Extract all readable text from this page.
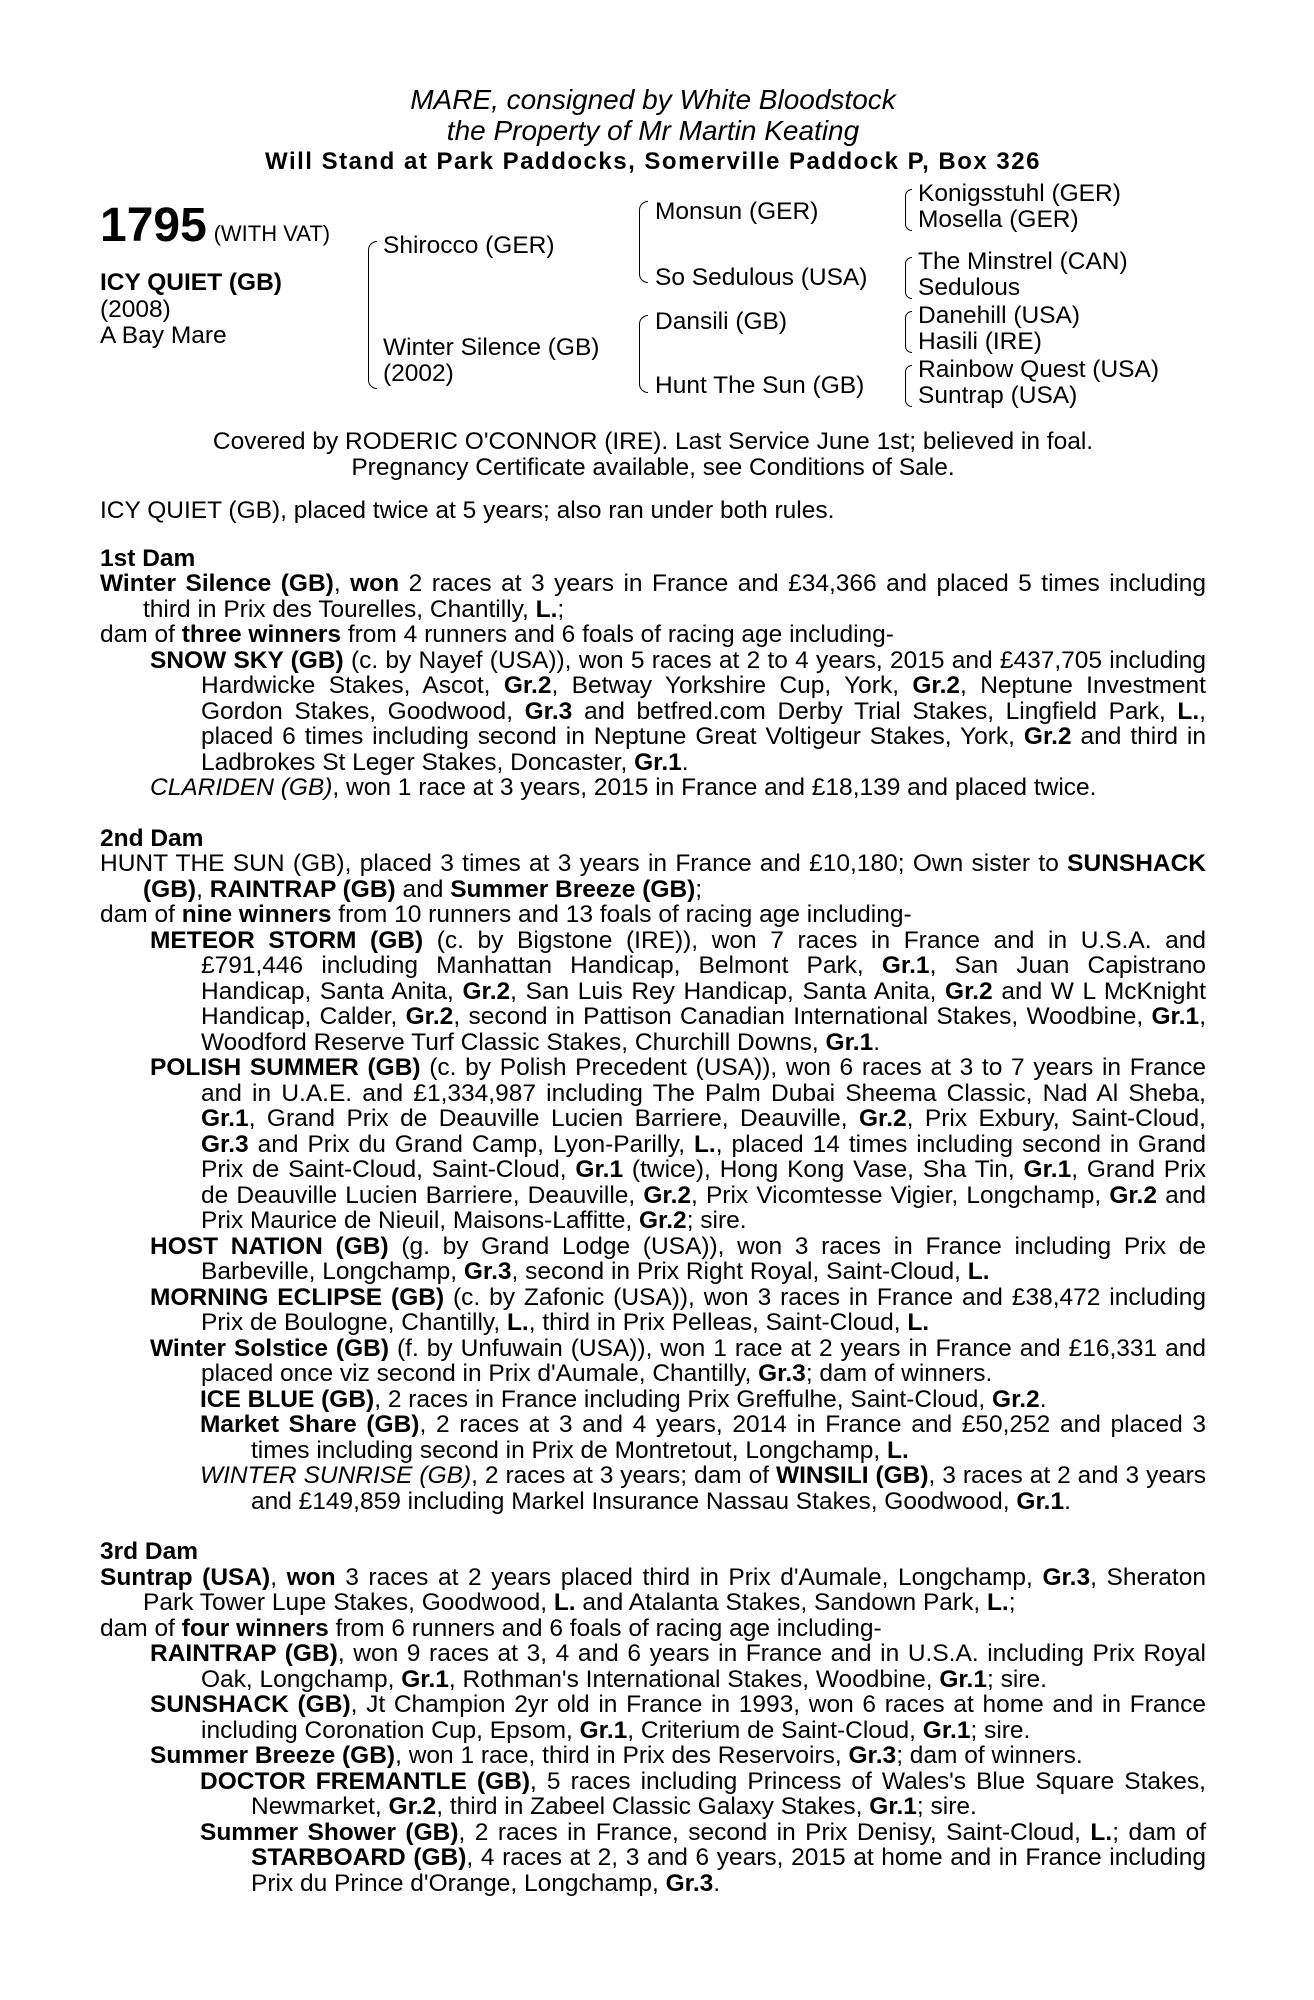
MARE, consigned by White Bloodstock
the Property of Mr Martin Keating
Will Stand at Park Paddocks, Somerville Paddock P, Box 326
1795 (WITH VAT)
ICY QUIET (GB)
(2008)
A Bay Mare
Shirocco (GER)
Winter Silence (GB)
(2002)
Monsun (GER)
So Sedulous (USA)
Dansili (GB)
Hunt The Sun (GB)
Konigsstuhl (GER)
Mosella (GER)
The Minstrel (CAN)
Sedulous
Danehill (USA)
Hasili (IRE)
Rainbow Quest (USA)
Suntrap (USA)
Covered by RODERIC O'CONNOR (IRE). Last Service June 1st; believed in foal.
Pregnancy Certificate available, see Conditions of Sale.
ICY QUIET (GB), placed twice at 5 years; also ran under both rules.
1st Dam

Winter Silence (GB), won 2 races at 3 years in France and £34,366 and placed 5 times including third in Prix des Tourelles, Chantilly, L.;

dam of three winners from 4 runners and 6 foals of racing age including-

SNOW SKY (GB) (c. by Nayef (USA)), won 5 races at 2 to 4 years, 2015 and £437,705 including Hardwicke Stakes, Ascot, Gr.2, Betway Yorkshire Cup, York, Gr.2, Neptune Investment Gordon Stakes, Goodwood, Gr.3 and betfred.com Derby Trial Stakes, Lingfield Park, L., placed 6 times including second in Neptune Great Voltigeur Stakes, York, Gr.2 and third in Ladbrokes St Leger Stakes, Doncaster, Gr.1.

CLARIDEN (GB), won 1 race at 3 years, 2015 in France and £18,139 and placed twice.

2nd Dam

HUNT THE SUN (GB), placed 3 times at 3 years in France and £10,180; Own sister to SUNSHACK (GB), RAINTRAP (GB) and Summer Breeze (GB);

dam of nine winners from 10 runners and 13 foals of racing age including-

METEOR STORM (GB) (c. by Bigstone (IRE)), won 7 races in France and in U.S.A. and £791,446 including Manhattan Handicap, Belmont Park, Gr.1, San Juan Capistrano Handicap, Santa Anita, Gr.2, San Luis Rey Handicap, Santa Anita, Gr.2 and W L McKnight Handicap, Calder, Gr.2, second in Pattison Canadian International Stakes, Woodbine, Gr.1, Woodford Reserve Turf Classic Stakes, Churchill Downs, Gr.1.

POLISH SUMMER (GB) (c. by Polish Precedent (USA)), won 6 races at 3 to 7 years in France and in U.A.E. and £1,334,987 including The Palm Dubai Sheema Classic, Nad Al Sheba, Gr.1, Grand Prix de Deauville Lucien Barriere, Deauville, Gr.2, Prix Exbury, Saint-Cloud, Gr.3 and Prix du Grand Camp, Lyon-Parilly, L., placed 14 times including second in Grand Prix de Saint-Cloud, Saint-Cloud, Gr.1 (twice), Hong Kong Vase, Sha Tin, Gr.1, Grand Prix de Deauville Lucien Barriere, Deauville, Gr.2, Prix Vicomtesse Vigier, Longchamp, Gr.2 and Prix Maurice de Nieuil, Maisons-Laffitte, Gr.2; sire.

HOST NATION (GB) (g. by Grand Lodge (USA)), won 3 races in France including Prix de Barbeville, Longchamp, Gr.3, second in Prix Right Royal, Saint-Cloud, L.

MORNING ECLIPSE (GB) (c. by Zafonic (USA)), won 3 races in France and £38,472 including Prix de Boulogne, Chantilly, L., third in Prix Pelleas, Saint-Cloud, L.

Winter Solstice (GB) (f. by Unfuwain (USA)), won 1 race at 2 years in France and £16,331 and placed once viz second in Prix d'Aumale, Chantilly, Gr.3; dam of winners.

ICE BLUE (GB), 2 races in France including Prix Greffulhe, Saint-Cloud, Gr.2.

Market Share (GB), 2 races at 3 and 4 years, 2014 in France and £50,252 and placed 3 times including second in Prix de Montretout, Longchamp, L.

WINTER SUNRISE (GB), 2 races at 3 years; dam of WINSILI (GB), 3 races at 2 and 3 years and £149,859 including Markel Insurance Nassau Stakes, Goodwood, Gr.1.

3rd Dam

Suntrap (USA), won 3 races at 2 years placed third in Prix d'Aumale, Longchamp, Gr.3, Sheraton Park Tower Lupe Stakes, Goodwood, L. and Atalanta Stakes, Sandown Park, L.;

dam of four winners from 6 runners and 6 foals of racing age including-

RAINTRAP (GB), won 9 races at 3, 4 and 6 years in France and in U.S.A. including Prix Royal Oak, Longchamp, Gr.1, Rothman's International Stakes, Woodbine, Gr.1; sire.

SUNSHACK (GB), Jt Champion 2yr old in France in 1993, won 6 races at home and in France including Coronation Cup, Epsom, Gr.1, Criterium de Saint-Cloud, Gr.1; sire.

Summer Breeze (GB), won 1 race, third in Prix des Reservoirs, Gr.3; dam of winners.

DOCTOR FREMANTLE (GB), 5 races including Princess of Wales's Blue Square Stakes, Newmarket, Gr.2, third in Zabeel Classic Galaxy Stakes, Gr.1; sire.

Summer Shower (GB), 2 races in France, second in Prix Denisy, Saint-Cloud, L.; dam of STARBOARD (GB), 4 races at 2, 3 and 6 years, 2015 at home and in France including Prix du Prince d'Orange, Longchamp, Gr.3.
